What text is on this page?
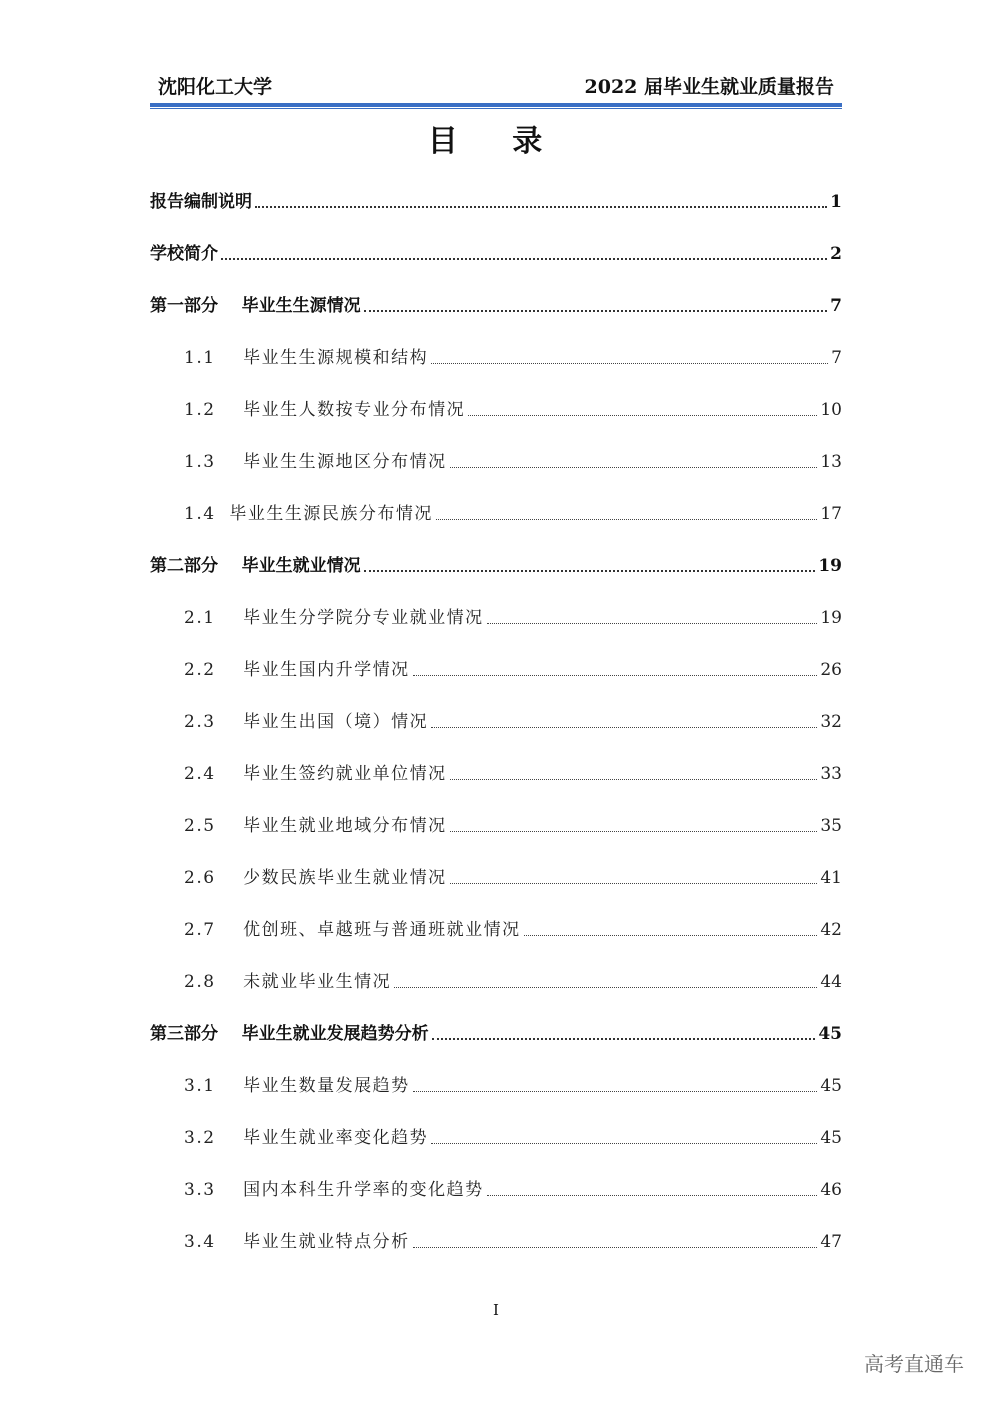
沈阳化工大学	2022 届毕业生就业质量报告
目 录
报告编制说明	1
学校简介	2
第一部分    毕业生生源情况	7
1.1    毕业生生源规模和结构	7
1.2    毕业生人数按专业分布情况	10
1.3    毕业生生源地区分布情况	13
1.4  毕业生生源民族分布情况	17
第二部分    毕业生就业情况	19
2.1    毕业生分学院分专业就业情况	19
2.2    毕业生国内升学情况	26
2.3    毕业生出国（境）情况	32
2.4    毕业生签约就业单位情况	33
2.5    毕业生就业地域分布情况	35
2.6    少数民族毕业生就业情况	41
2.7    优创班、卓越班与普通班就业情况	42
2.8    未就业毕业生情况	44
第三部分    毕业生就业发展趋势分析	45
3.1    毕业生数量发展趋势	45
3.2    毕业生就业率变化趋势	45
3.3    国内本科生升学率的变化趋势	46
3.4    毕业生就业特点分析	47
I
高考直通车
